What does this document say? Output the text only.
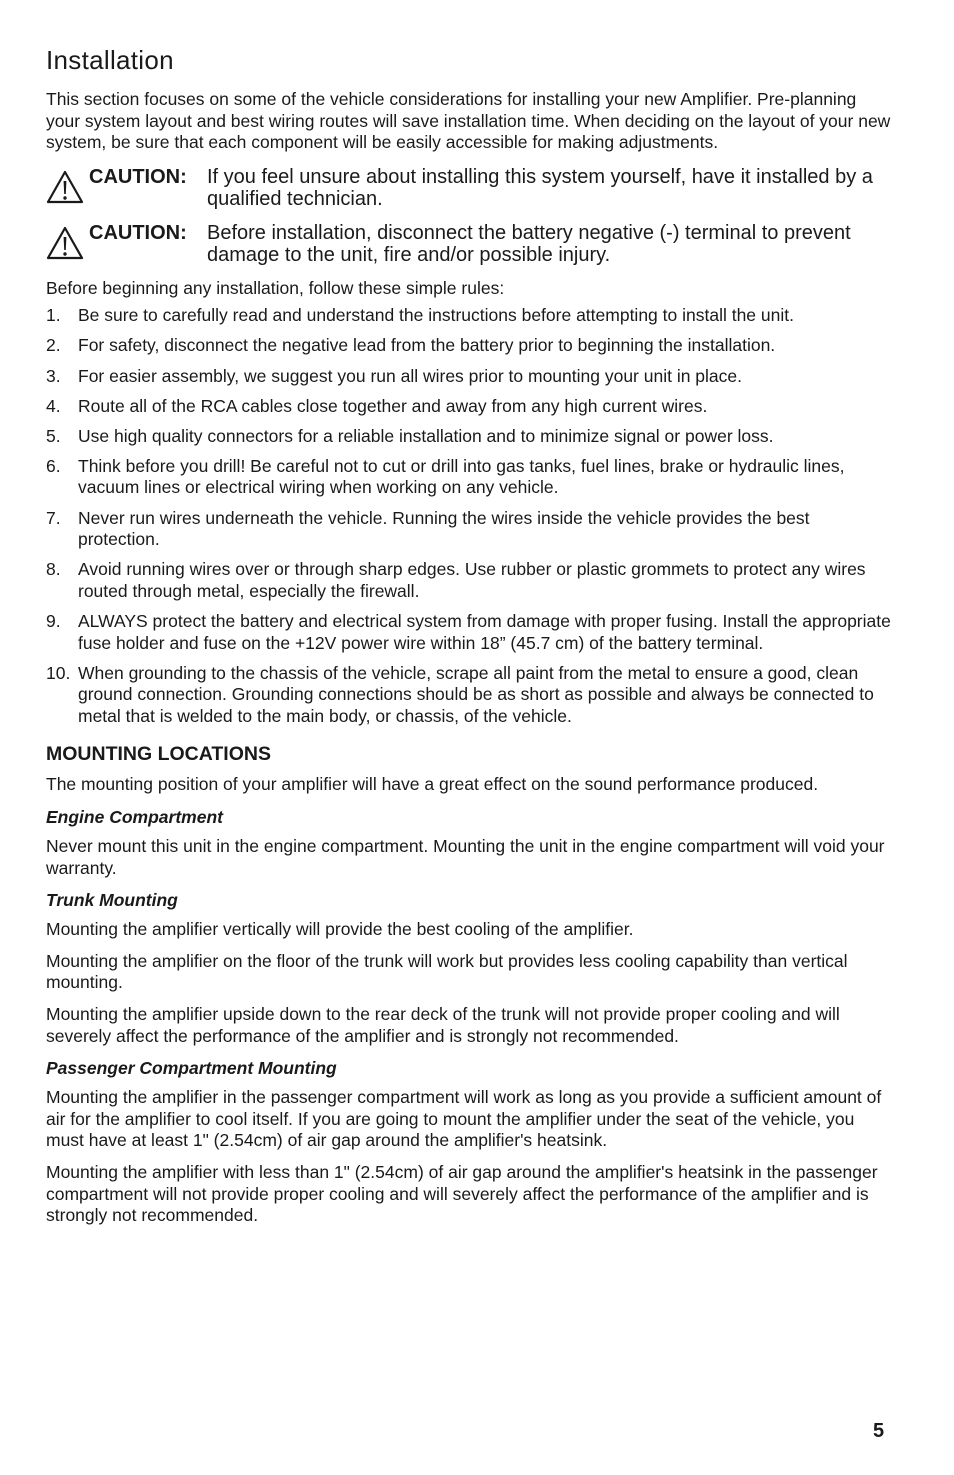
Installation

This section focuses on some of the vehicle considerations for installing your new Amplifier. Pre-planning your system layout and best wiring routes will save installation time. When deciding on the layout of your new system, be sure that each component will be easily accessible for making adjustments.

CAUTION: If you feel unsure about installing this system yourself, have it installed by a qualified technician.
CAUTION: Before installation, disconnect the battery negative (-) terminal to prevent damage to the unit, fire and/or possible injury.

Before beginning any installation, follow these simple rules:

1. Be sure to carefully read and understand the instructions before attempting to install the unit.
2. For safety, disconnect the negative lead from the battery prior to beginning the installation.
3. For easier assembly, we suggest you run all wires prior to mounting your unit in place.
4. Route all of the RCA cables close together and away from any high current wires.
5. Use high quality connectors for a reliable installation and to minimize signal or power loss.
6. Think before you drill! Be careful not to cut or drill into gas tanks, fuel lines, brake or hydraulic lines, vacuum lines or electrical wiring when working on any vehicle.
7. Never run wires underneath the vehicle. Running the wires inside the vehicle provides the best protection.
8. Avoid running wires over or through sharp edges. Use rubber or plastic grommets to protect any wires routed through metal, especially the firewall.
9. ALWAYS protect the battery and electrical system from damage with proper fusing. Install the appropriate fuse holder and fuse on the +12V power wire within 18” (45.7 cm) of the battery terminal.
10. When grounding to the chassis of the vehicle, scrape all paint from the metal to ensure a good, clean ground connection. Grounding connections should be as short as possible and always be connected to metal that is welded to the main body, or chassis, of the vehicle.
MOUNTING LOCATIONS

The mounting position of your amplifier will have a great effect on the sound performance produced.

Engine Compartment

Never mount this unit in the engine compartment. Mounting the unit in the engine compartment will void your warranty.

Trunk Mounting

Mounting the amplifier vertically will provide the best cooling of the amplifier.

Mounting the amplifier on the floor of the trunk will work but provides less cooling capability than vertical mounting.

Mounting the amplifier upside down to the rear deck of the trunk will not provide proper cooling and will severely affect the performance of the amplifier and is strongly not recommended.

Passenger Compartment Mounting

Mounting the amplifier in the passenger compartment will work as long as you provide a sufficient amount of air for the amplifier to cool itself. If you are going to mount the amplifier under the seat of the vehicle, you must have at least 1" (2.54cm) of air gap around the amplifier's heatsink.

Mounting the amplifier with less than 1" (2.54cm) of air gap around the amplifier's heatsink in the passenger compartment will not provide proper cooling and will severely affect the performance of the amplifier and is strongly not recommended.

5
